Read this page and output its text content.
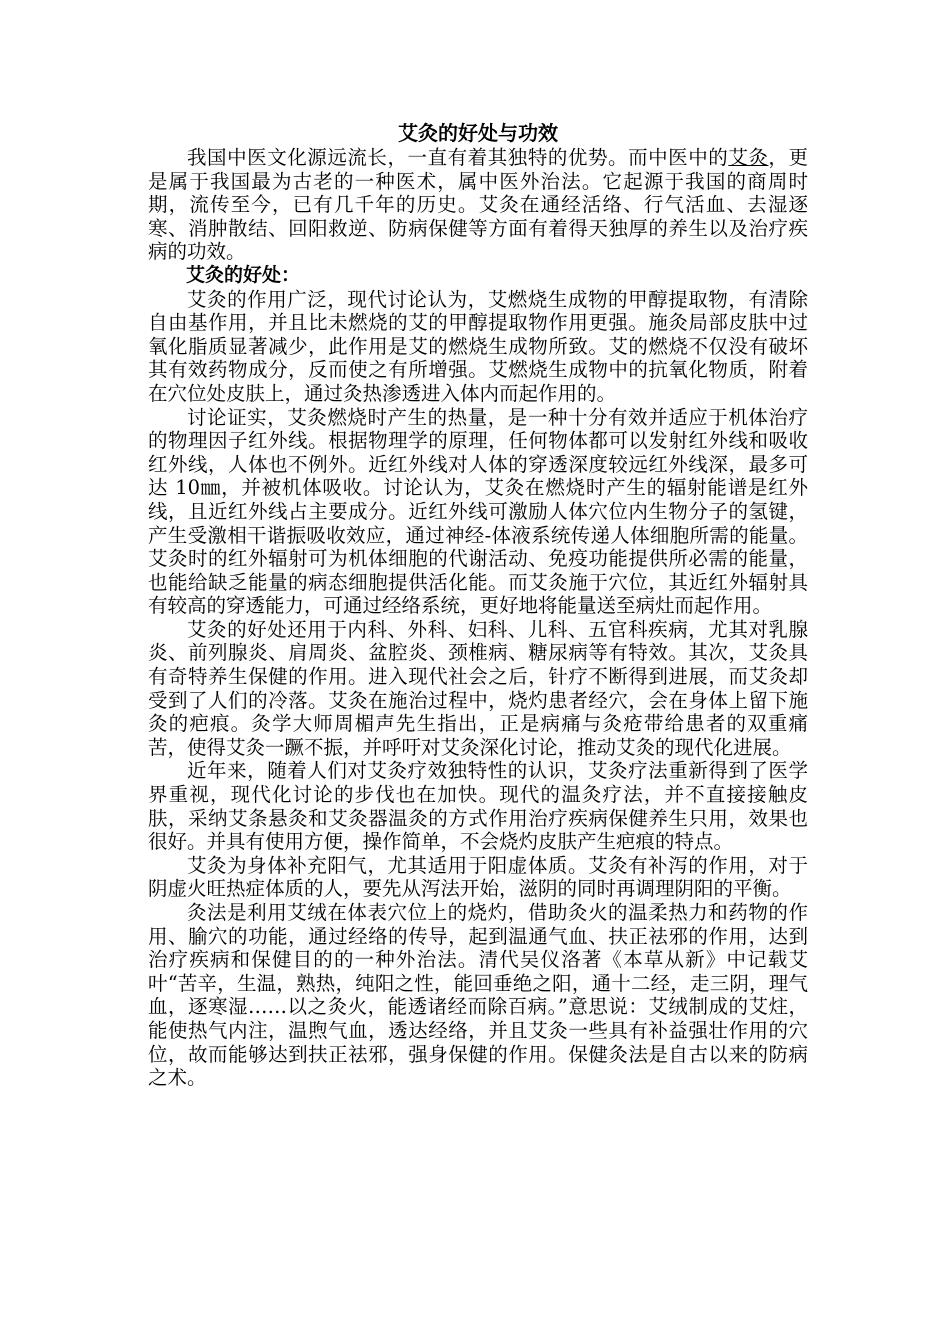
艾灸的好处与功效

我国中医文化源远流长，一直有着其独特的优势。而中医中的艾灸，更是属于我国最为古老的一种医术，属中医外治法。它起源于我国的商周时期，流传至今，已有几千年的历史。艾灸在通经活络、行气活血、去湿逐寒、消肿散结、回阳救逆、防病保健等方面有着得天独厚的养生以及治疗疾病的功效。

艾灸的好处：

艾灸的作用广泛，现代讨论认为，艾燃烧生成物的甲醇提取物，有清除自由基作用，并且比未燃烧的艾的甲醇提取物作用更强。施灸局部皮肤中过氧化脂质显著减少，此作用是艾的燃烧生成物所致。艾的燃烧不仅没有破坏其有效药物成分，反而使之有所增强。艾燃烧生成物中的抗氧化物质，附着在穴位处皮肤上，通过灸热渗透进入体内而起作用的。

讨论证实，艾灸燃烧时产生的热量，是一种十分有效并适应于机体治疗的物理因子红外线。根据物理学的原理，任何物体都可以发射红外线和吸收红外线，人体也不例外。近红外线对人体的穿透深度较远红外线深，最多可达 10㎜，并被机体吸收。讨论认为，艾灸在燃烧时产生的辐射能谱是红外线，且近红外线占主要成分。近红外线可激励人体穴位内生物分子的氢键，产生受激相干谐振吸收效应，通过神经-体液系统传递人体细胞所需的能量。艾灸时的红外辐射可为机体细胞的代谢活动、免疫功能提供所必需的能量，也能给缺乏能量的病态细胞提供活化能。而艾灸施于穴位，其近红外辐射具有较高的穿透能力，可通过经络系统，更好地将能量送至病灶而起作用。

艾灸的好处还用于内科、外科、妇科、儿科、五官科疾病，尤其对乳腺炎、前列腺炎、肩周炎、盆腔炎、颈椎病、糖尿病等有特效。其次，艾灸具有奇特养生保健的作用。进入现代社会之后，针疗不断得到进展，而艾灸却受到了人们的冷落。艾灸在施治过程中，烧灼患者经穴，会在身体上留下施灸的疤痕。灸学大师周楣声先生指出，正是病痛与灸疮带给患者的双重痛苦，使得艾灸一蹶不振，并呼吁对艾灸深化讨论，推动艾灸的现代化进展。

近年来，随着人们对艾灸疗效独特性的认识，艾灸疗法重新得到了医学界重视，现代化讨论的步伐也在加快。现代的温灸疗法，并不直接接触皮肤，采纳艾条悬灸和艾灸器温灸的方式作用治疗疾病保健养生只用，效果也很好。并具有使用方便，操作简单，不会烧灼皮肤产生疤痕的特点。

艾灸为身体补充阳气，尤其适用于阳虚体质。艾灸有补泻的作用，对于阴虚火旺热症体质的人，要先从泻法开始，滋阴的同时再调理阴阳的平衡。

灸法是利用艾绒在体表穴位上的烧灼，借助灸火的温柔热力和药物的作用、腧穴的功能，通过经络的传导，起到温通气血、扶正祛邪的作用，达到治疗疾病和保健目的的一种外治法。清代吴仪洛著《本草从新》中记载艾叶“苦辛，生温，熟热，纯阳之性，能回垂绝之阳，通十二经，走三阴，理气血，逐寒湿……以之灸火，能透诸经而除百病。”意思说：艾绒制成的艾炷，能使热气内注，温煦气血，透达经络，并且艾灸一些具有补益强壮作用的穴位，故而能够达到扶正祛邪，强身保健的作用。保健灸法是自古以来的防病之术。
